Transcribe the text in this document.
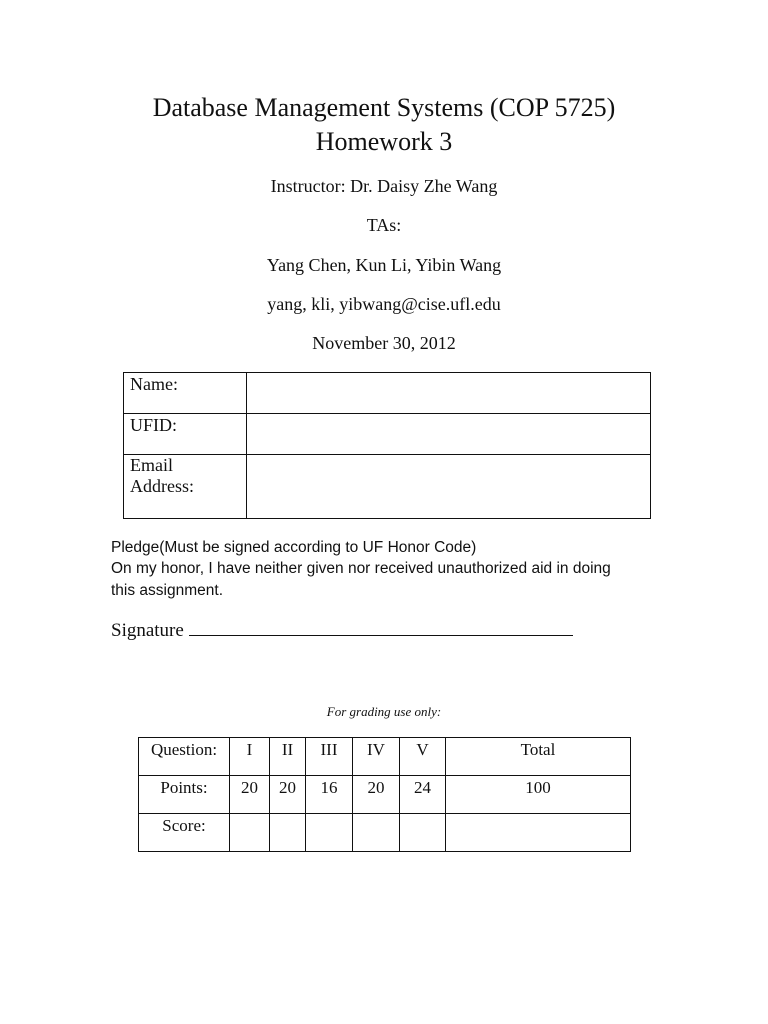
Database Management Systems (COP 5725)
Homework 3
Instructor: Dr. Daisy Zhe Wang
TAs:
Yang Chen, Kun Li, Yibin Wang
yang, kli, yibwang@cise.ufl.edu
November 30, 2012
Name:	
UFID:	

Email
Address:	

Pledge(Must be signed according to UF Honor Code)
On my honor, I have neither given nor received unauthorized aid in doing
this assignment.
Signature
For grading use only:
Question:	I	II	III	IV	V	Total
Points:	20	20	16	20	24	100
Score:						
